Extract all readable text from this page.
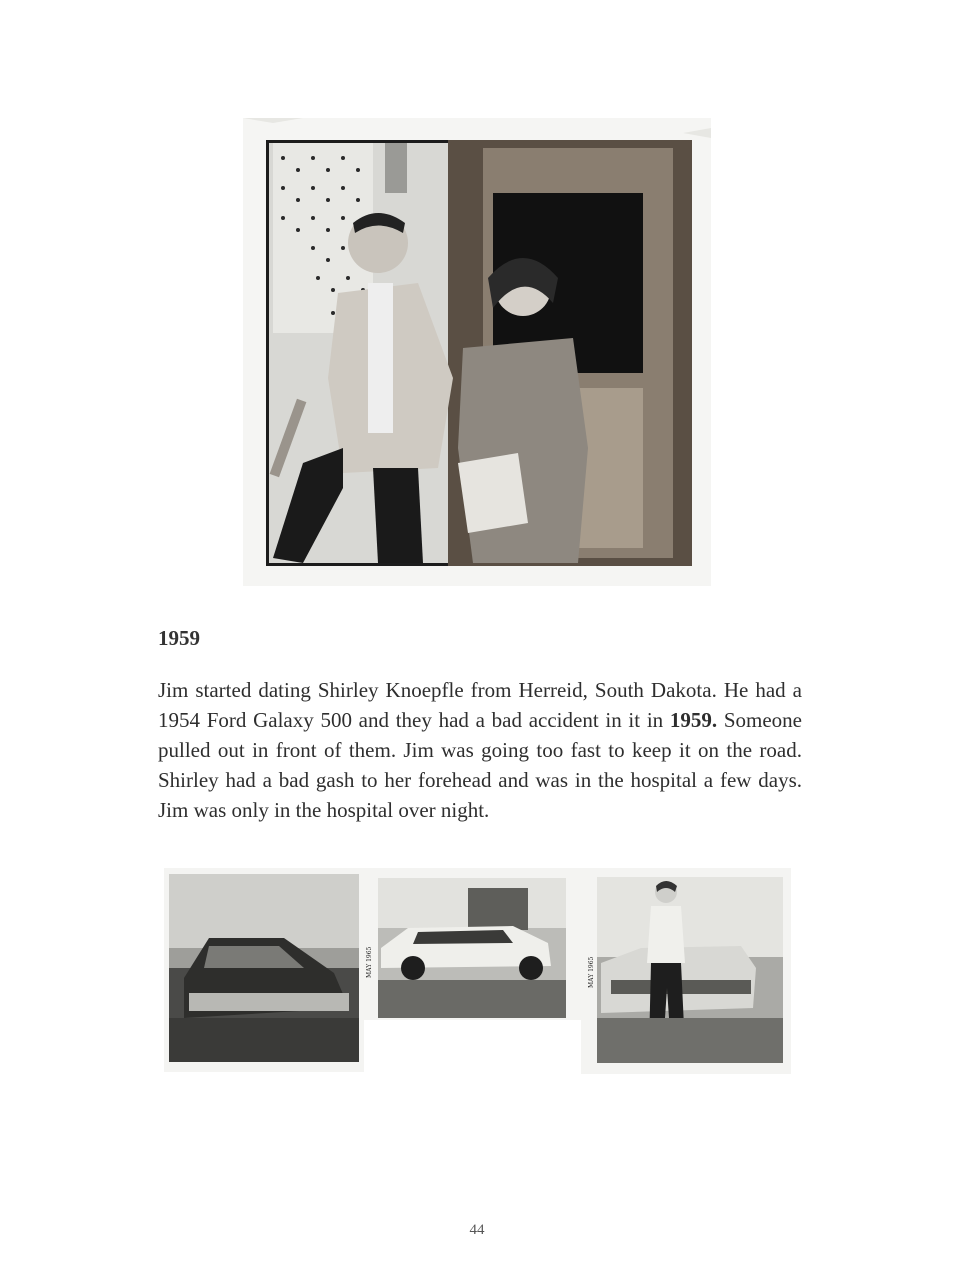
1959
Jim started dating Shirley Knoepfle from Herreid, South Dakota. He had a 1954 Ford Galaxy 500 and they had a bad accident in it in 1959. Someone pulled out in front of them. Jim was going too fast to keep it on the road. Shirley had a bad gash to her forehead and was in the hospital a few days. Jim was only in the hospital over night.
MAY 1965	MAY 1965
44
